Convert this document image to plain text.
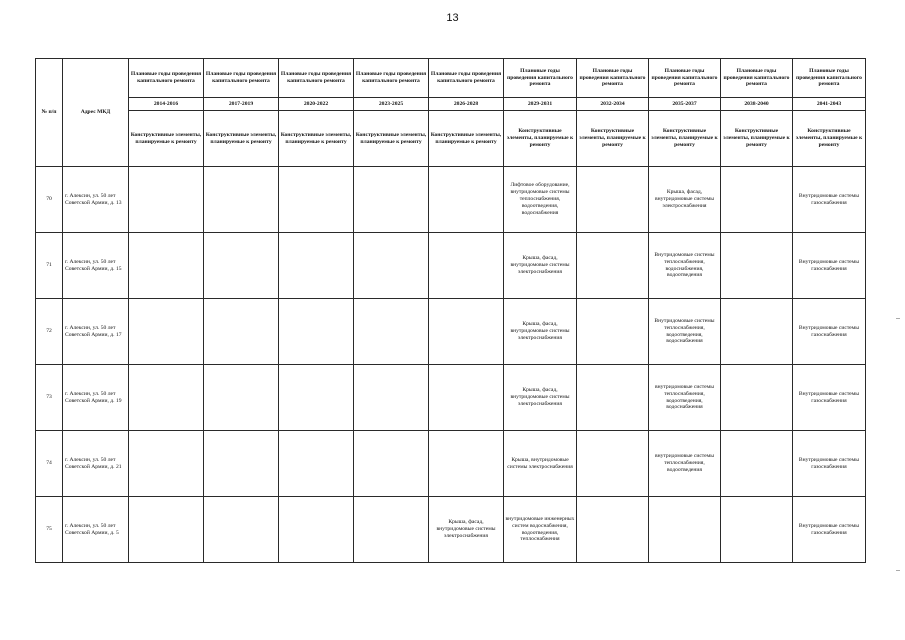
13
№ п/п	Адрес МКД	Плановые годы проведения капитального ремонта	Плановые годы проведения капитального ремонта	Плановые годы проведения капитального ремонта	Плановые годы проведения капитального ремонта	Плановые годы проведения капитального ремонта	Плановые годы проведения капитального ремонта	Плановые годы проведения капитального ремонта	Плановые годы проведения капитального ремонта	Плановые годы проведения капитального ремонта	Плановые годы проведения капитального ремонта
		2014-2016	2017-2019	2020-2022	2023-2025	2026-2028	2029-2031	2032-2034	2035-2037	2038-2040	2041-2043
		Конструктивные элементы, планируемые к ремонту	Конструктивные элементы, планируемые к ремонту	Конструктивные элементы, планируемые к ремонту	Конструктивные элементы, планируемые к ремонту	Конструктивные элементы, планируемые к ремонту	Конструктивные элементы, планируемые к ремонту	Конструктивные элементы, планируемые к ремонту	Конструктивные элементы, планируемые к ремонту	Конструктивные элементы, планируемые к ремонту	Конструктивные элементы, планируемые к ремонту
70	г. Алексин, ул. 50 лет Советской Армии, д. 13						Лифтовое оборудование, внутридомовые системы теплоснабжения, водоотведения, водоснабжения		Крыша, фасад, внутридомовые системы электроснабжения		Внутридомовые системы газоснабжения
71	г. Алексин, ул. 50 лет Советской Армии, д. 15						Крыша, фасад, внутридомовые системы электроснабжения		Внутридомовые системы теплоснабжения, водоснабжения, водоотведения		Внутридомовые системы газоснабжения
72	г. Алексин, ул. 50 лет Советской Армии, д. 17						Крыша, фасад, внутридомовые системы электроснабжения		Внутридомовые системы теплоснабжения, водоотведения, водоснабжения		Внутридомовые системы газоснабжения
73	г. Алексин, ул. 50 лет Советской Армии, д. 19						Крыша, фасад, внутридомовые системы электроснабжения		внутридомовые системы теплоснабжения, водоотведения, водоснабжения		Внутридомовые системы газоснабжения
74	г. Алексин, ул. 50 лет Советской Армии, д. 21						Крыша, внутридомовые системы электроснабжения		внутридомовые системы теплоснабжения, водоотведения		Внутридомовые системы газоснабжения
75	г. Алексин, ул. 50 лет Советской Армии, д. 5					Крыша, фасад, внутридомовые системы электроснабжения	внутридомовые инженерных систем водоснабжения, водоотведения, теплоснабжения				Внутридомовые системы газоснабжения
